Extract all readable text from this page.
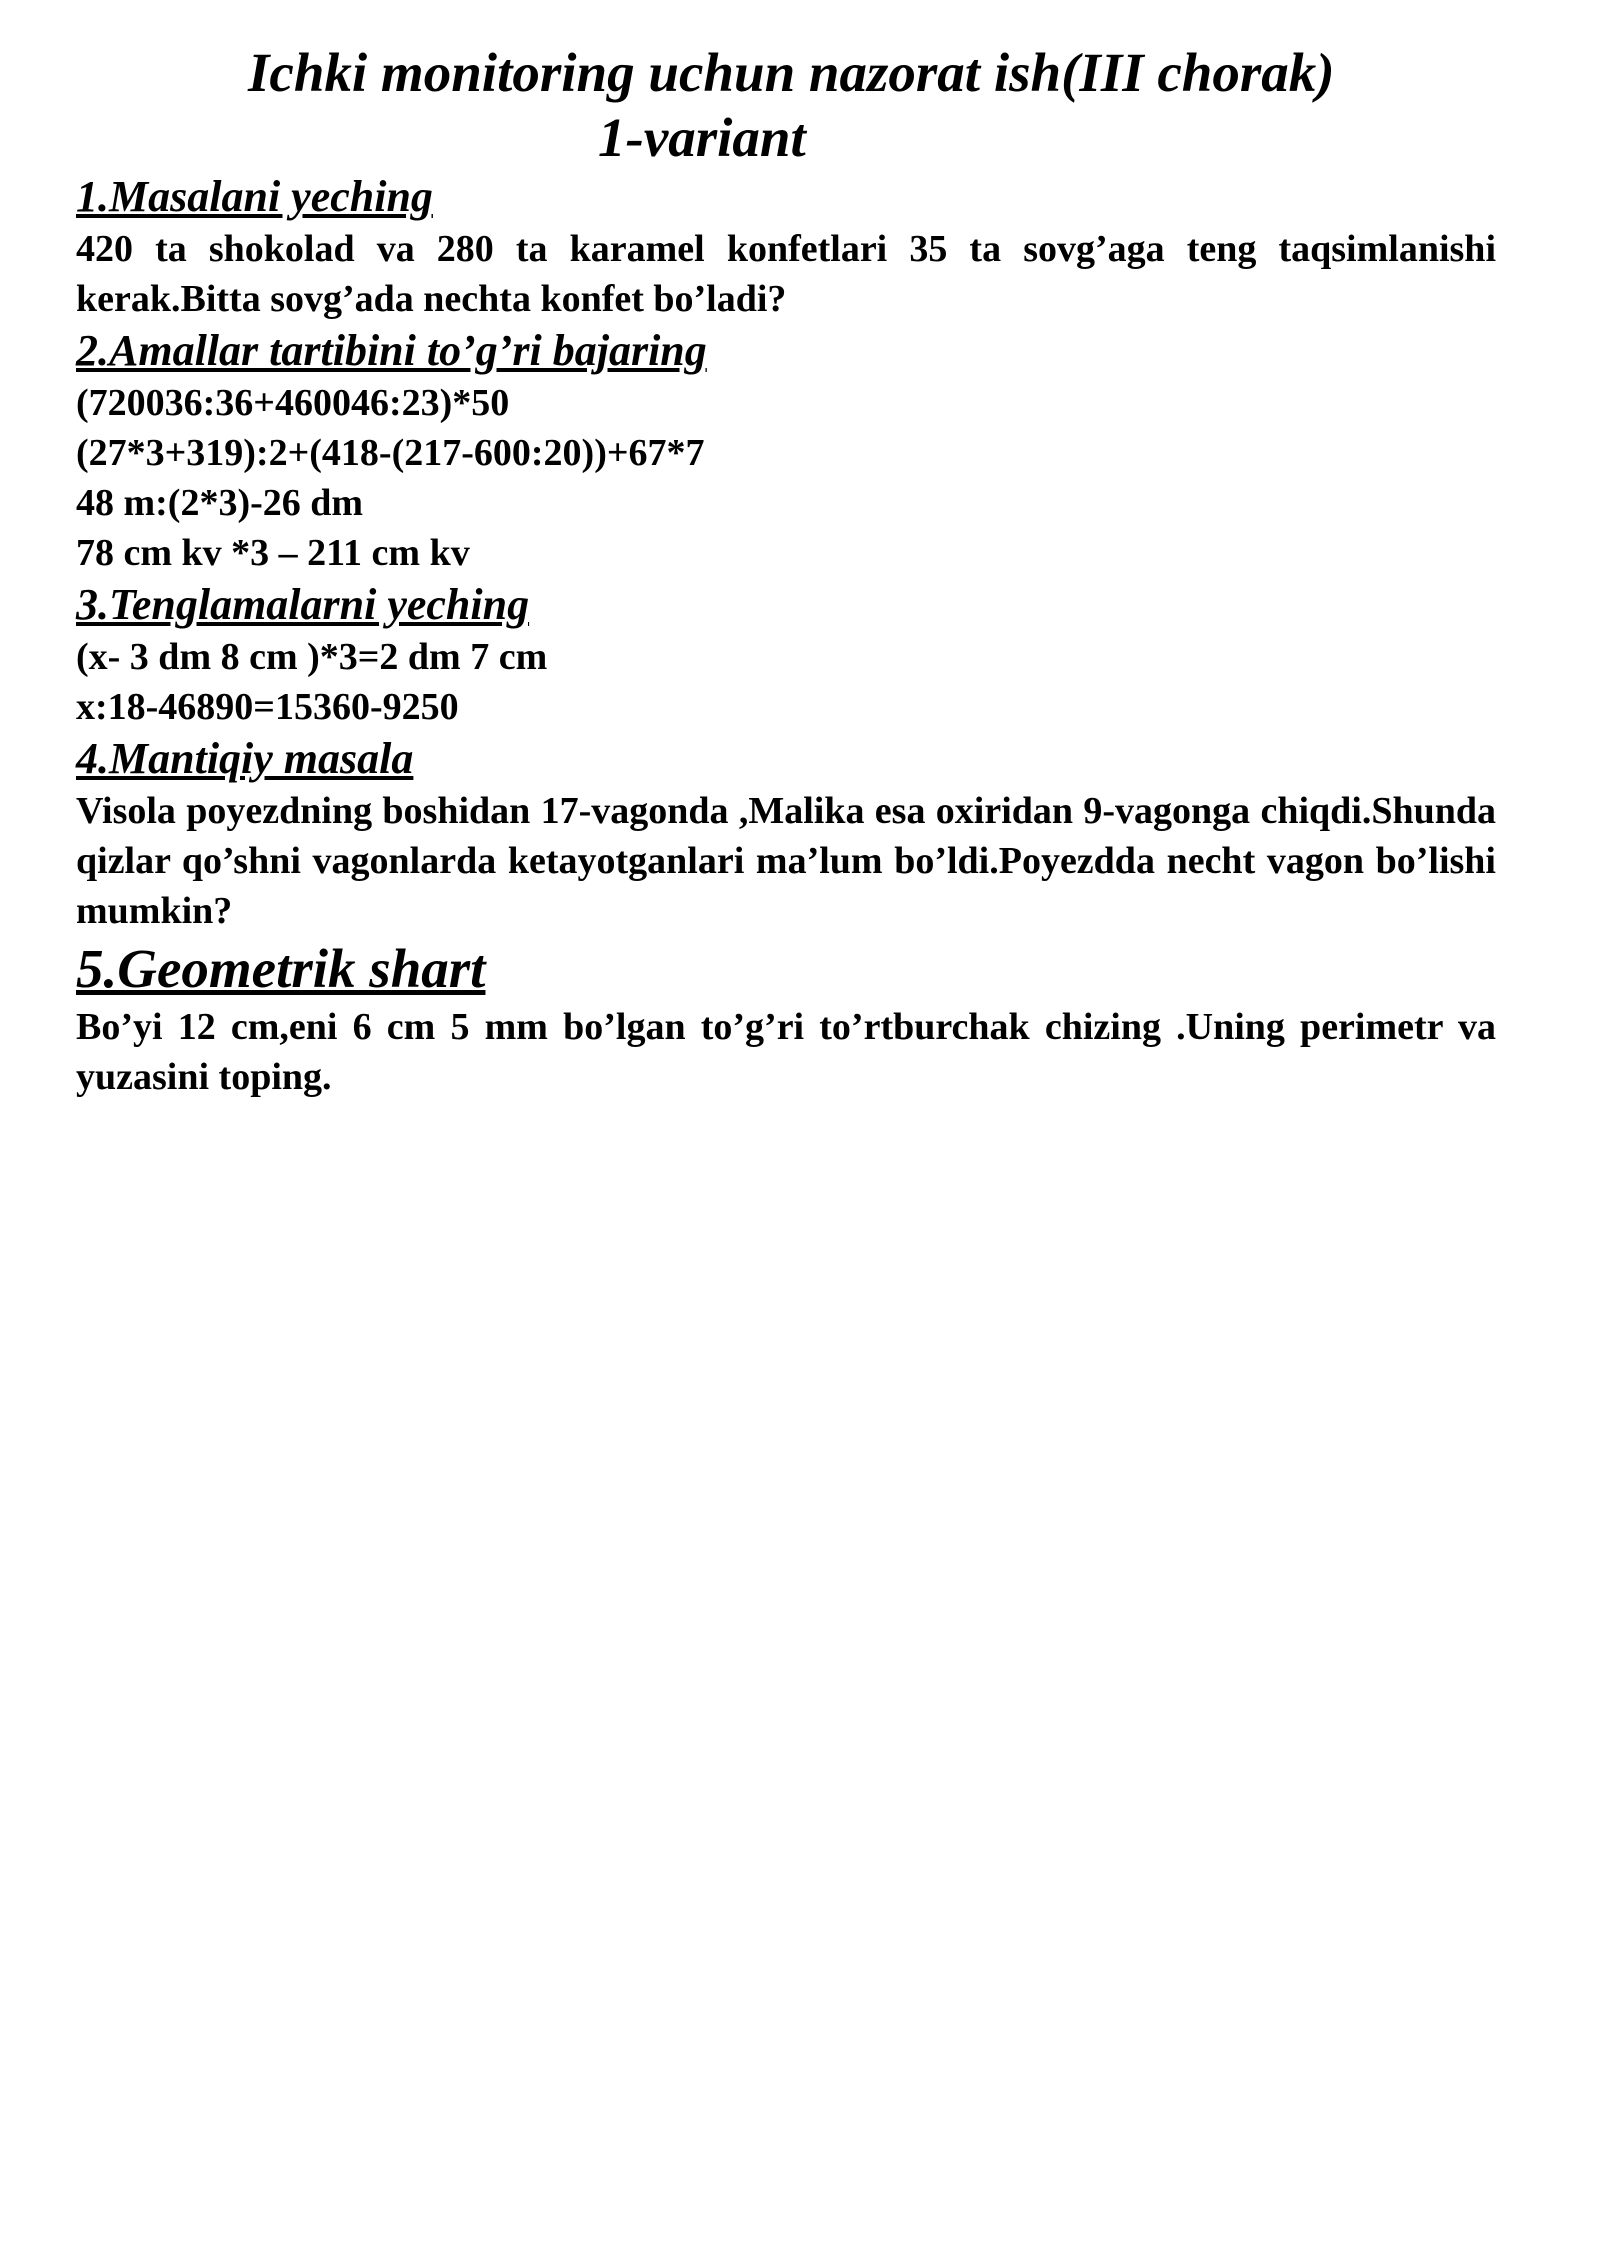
Ichki monitoring uchun nazorat ish(III chorak)

1-variant

1.Masalani yeching

420 ta shokolad va 280 ta karamel konfetlari 35 ta sovg’aga teng taqsimlanishi kerak.Bitta sovg’ada nechta konfet bo’ladi?

2.Amallar tartibini to’g’ri bajaring

(720036:36+460046:23)*50

(27*3+319):2+(418-(217-600:20))+67*7

48 m:(2*3)-26 dm

78 cm kv *3 – 211 cm kv

3.Tenglamalarni yeching

(x- 3 dm 8 cm )*3=2 dm 7 cm

x:18-46890=15360-9250

4.Mantiqiy masala

Visola poyezdning boshidan 17-vagonda ,Malika esa oxiridan 9-vagonga chiqdi.Shunda qizlar qo’shni vagonlarda ketayotganlari ma’lum bo’ldi.Poyezdda necht vagon bo’lishi mumkin?

5.Geometrik shart

Bo’yi 12 cm,eni 6 cm 5 mm bo’lgan to’g’ri to’rtburchak chizing .Uning perimetr va yuzasini toping.
